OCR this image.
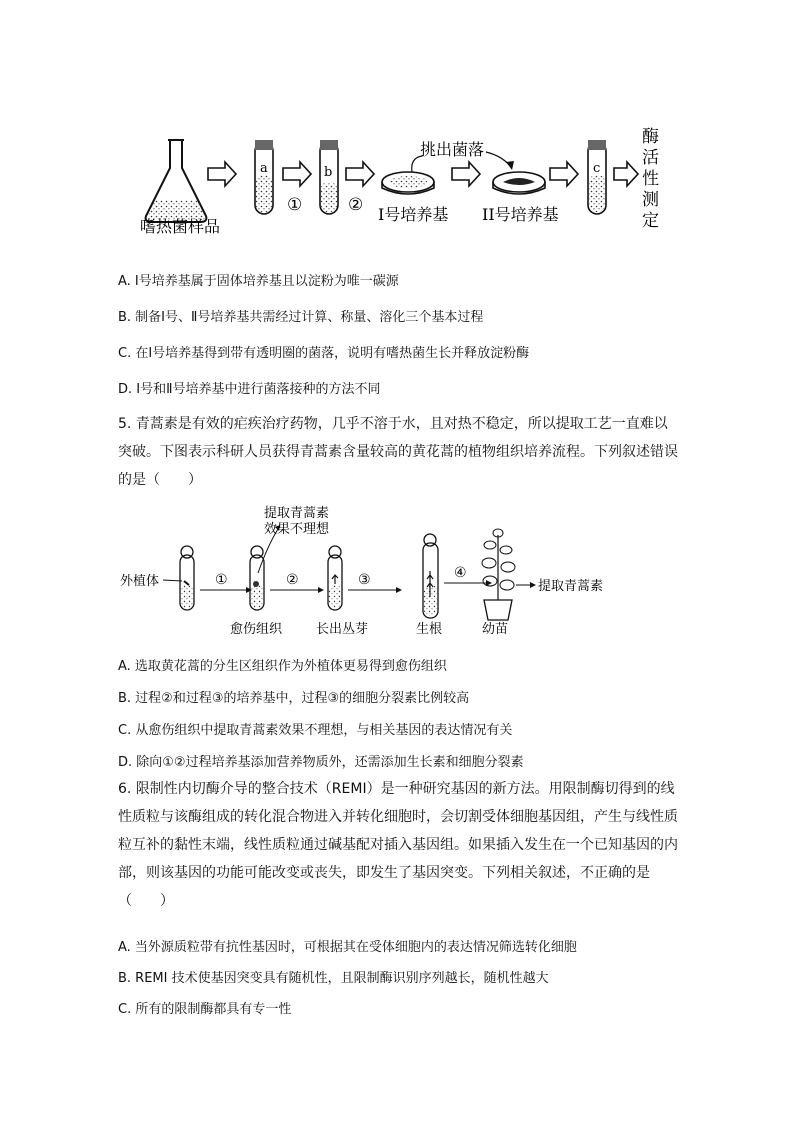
嗜热菌样品
a
①
b
② I号培养基
挑出菌落
II号培养基
c
酶
活
性
测
定
A. Ⅰ号培养基属于固体培养基且以淀粉为唯一碳源
B. 制备Ⅰ号、Ⅱ号培养基共需经过计算、称量、溶化三个基本过程
C. 在Ⅰ号培养基得到带有透明圈的菌落，说明有嗜热菌生长并释放淀粉酶
D. Ⅰ号和Ⅱ号培养基中进行菌落接种的方法不同
5. 青蒿素是有效的疟疾治疗药物，几乎不溶于水，且对热不稳定，所以提取工艺一直难以
突破。下图表示科研人员获得青蒿素含量较高的黄花蒿的植物组织培养流程。下列叙述错误
的是（　　）
外植体	①
提取青蒿素
效果不理想
愈伤组织
②
长出丛芽
③
生根
④
幼苗
提取青蒿素
A. 选取黄花蒿的分生区组织作为外植体更易得到愈伤组织
B. 过程②和过程③的培养基中，过程③的细胞分裂素比例较高
C. 从愈伤组织中提取青蒿素效果不理想，与相关基因的表达情况有关
D. 除向①②过程培养基添加营养物质外，还需添加生长素和细胞分裂素
6. 限制性内切酶介导的整合技术（REMI）是一种研究基因的新方法。用限制酶切得到的线
性质粒与该酶组成的转化混合物进入并转化细胞时，会切割受体细胞基因组，产生与线性质
粒互补的黏性末端，线性质粒通过碱基配对插入基因组。如果插入发生在一个已知基因的内
部，则该基因的功能可能改变或丧失，即发生了基因突变。下列相关叙述，不正确的是
（　　）
A. 当外源质粒带有抗性基因时，可根据其在受体细胞内的表达情况筛选转化细胞
B. REMI 技术使基因突变具有随机性，且限制酶识别序列越长，随机性越大
C. 所有的限制酶都具有专一性
